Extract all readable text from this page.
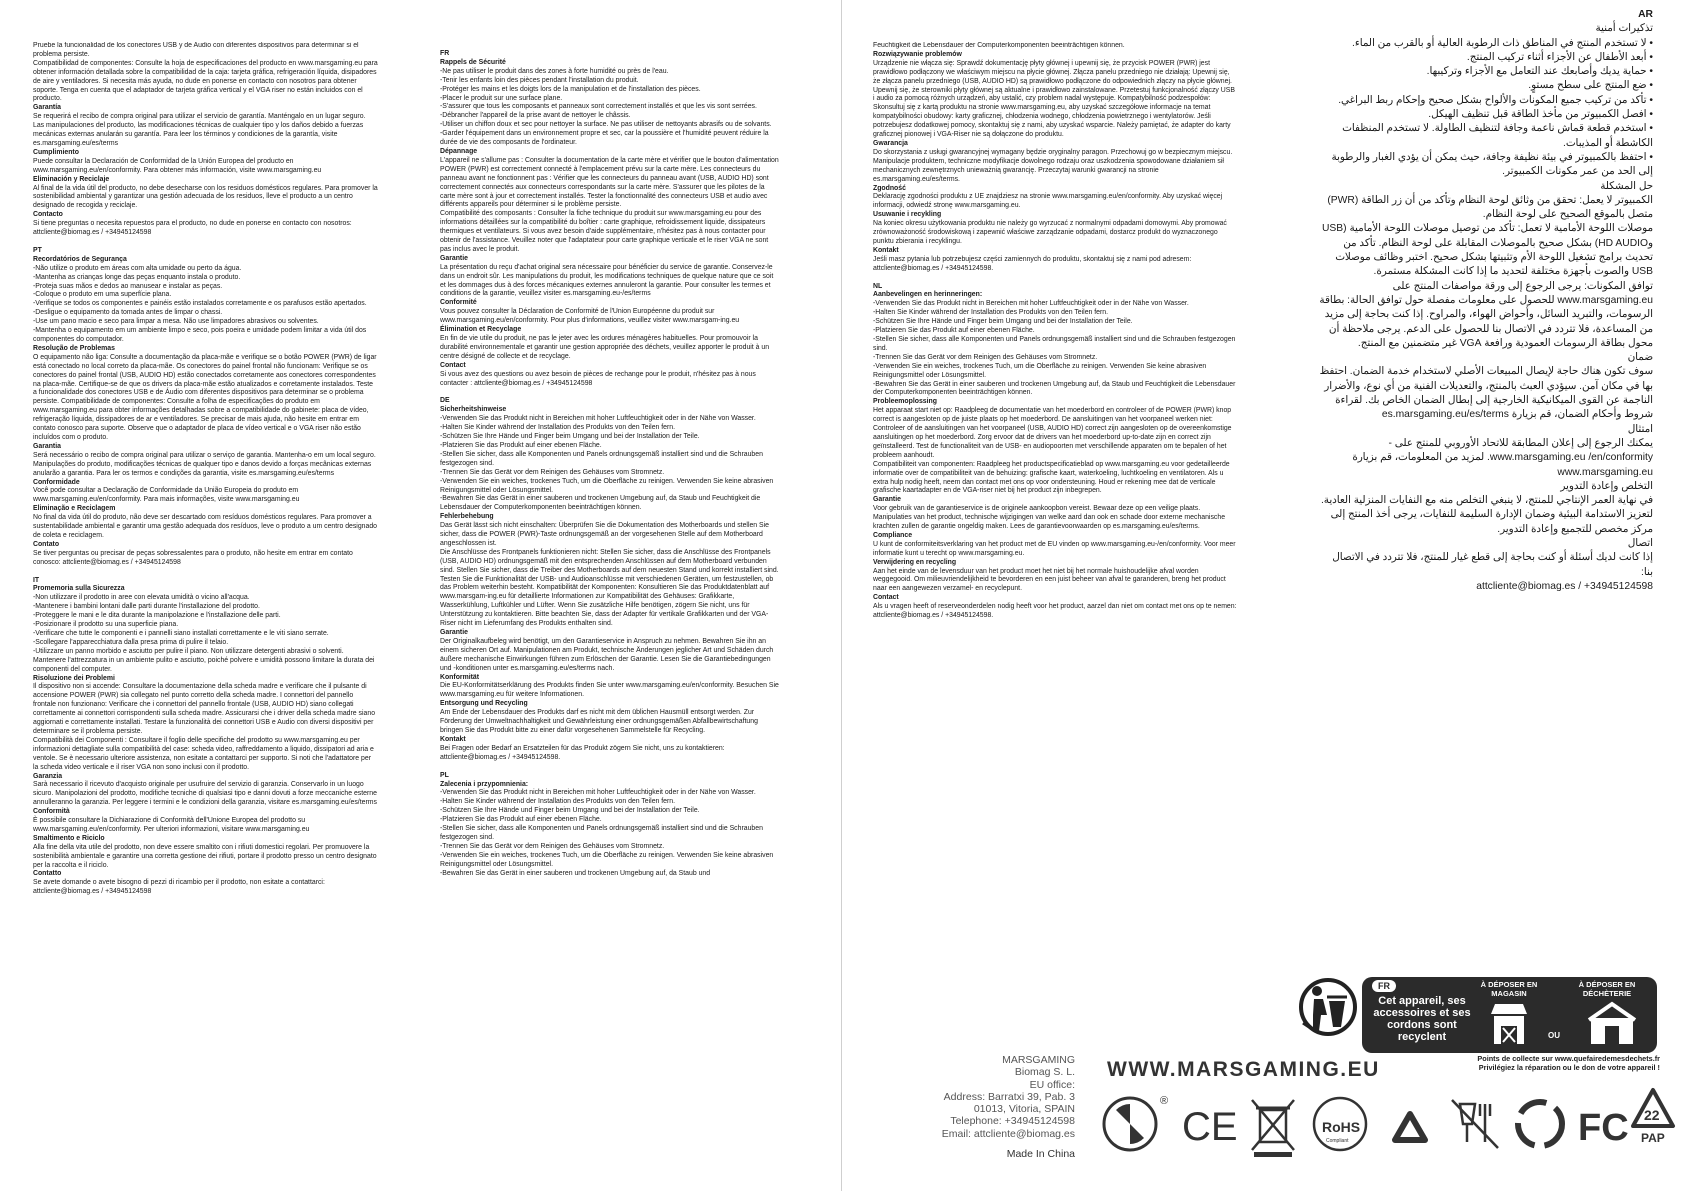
Pruebe la funcionalidad de los conectores USB y de Audio con diferentes dispositivos para determinar si el problema persiste.

Compatibilidad de componentes: Consulte la hoja de especificaciones del producto en www.marsgaming.eu para obtener información detallada sobre la compatibilidad de la caja: tarjeta gráfica, refrigeración líquida, disipadores de aire y ventiladores. Si necesita más ayuda, no dude en ponerse en contacto con nosotros para obtener soporte. Tenga en cuenta que el adaptador de tarjeta gráfica vertical y el VGA riser no están incluidos con el producto.

Garantía

Se requerirá el recibo de compra original para utilizar el servicio de garantía. Manténgalo en un lugar seguro. Las manipulaciones del producto, las modificaciones técnicas de cualquier tipo y los daños debido a fuerzas mecánicas externas anularán su garantía. Para leer los términos y condiciones de la garantía, visite es.marsgaming.eu/es/terms

Cumplimiento

Puede consultar la Declaración de Conformidad de la Unión Europea del producto en www.marsgaming.eu/en/conformity. Para obtener más información, visite www.marsgaming.eu

Eliminación y Reciclaje

Al final de la vida útil del producto, no debe desecharse con los residuos domésticos regulares. Para promover la sostenibilidad ambiental y garantizar una gestión adecuada de los residuos, lleve el producto a un centro designado de recogida y reciclaje.

Contacto

Si tiene preguntas o necesita repuestos para el producto, no dude en ponerse en contacto con nosotros: attcliente@biomag.es / +34945124598

PT

Recordatórios de Segurança

-Não utilize o produto em áreas com alta umidade ou perto da água.

-Mantenha as crianças longe das peças enquanto instala o produto.

-Proteja suas mãos e dedos ao manusear e instalar as peças.

-Coloque o produto em uma superfície plana.

-Verifique se todos os componentes e painéis estão instalados corretamente e os parafusos estão apertados.

-Desligue o equipamento da tomada antes de limpar o chassi.

-Use um pano macio e seco para limpar a mesa. Não use limpadores abrasivos ou solventes.

-Mantenha o equipamento em um ambiente limpo e seco, pois poeira e umidade podem limitar a vida útil dos componentes do computador.

Resolução de Problemas

O equipamento não liga: Consulte a documentação da placa-mãe e verifique se o botão POWER (PWR) de ligar está conectado no local correto da placa-mãe. Os conectores do painel frontal não funcionam: Verifique se os conectores do painel frontal (USB, AUDIO HD) estão conectados corretamente aos conectores correspondentes na placa-mãe. Certifique-se de que os drivers da placa-mãe estão atualizados e corretamente instalados. Teste a funcionalidade dos conectores USB e de Áudio com diferentes dispositivos para determinar se o problema persiste. Compatibilidade de componentes: Consulte a folha de especificações do produto em www.marsgaming.eu para obter informações detalhadas sobre a compatibilidade do gabinete: placa de vídeo, refrigeração líquida, dissipadores de ar e ventiladores. Se precisar de mais ajuda, não hesite em entrar em contato conosco para suporte. Observe que o adaptador de placa de vídeo vertical e o VGA riser não estão incluídos com o produto.

Garantia

Será necessário o recibo de compra original para utilizar o serviço de garantia. Mantenha-o em um local seguro. Manipulações do produto, modificações técnicas de qualquer tipo e danos devido a forças mecânicas externas anularão a garantia. Para ler os termos e condições da garantia, visite es.marsgaming.eu/es/terms

Conformidade

Você pode consultar a Declaração de Conformidade da União Europeia do produto em www.marsgaming.eu/en/conformity. Para mais informações, visite www.marsgaming.eu

Eliminação e Reciclagem

No final da vida útil do produto, não deve ser descartado com resíduos domésticos regulares. Para promover a sustentabilidade ambiental e garantir uma gestão adequada dos resíduos, leve o produto a um centro designado de coleta e reciclagem.

Contato

Se tiver perguntas ou precisar de peças sobressalentes para o produto, não hesite em entrar em contato conosco: attcliente@biomag.es / +34945124598

IT

Promemoria sulla Sicurezza

-Non utilizzare il prodotto in aree con elevata umidità o vicino all'acqua.

-Mantenere i bambini lontani dalle parti durante l'installazione del prodotto.

-Proteggere le mani e le dita durante la manipolazione e l'installazione delle parti.

-Posizionare il prodotto su una superficie piana.

-Verificare che tutte le componenti e i pannelli siano installati correttamente e le viti siano serrate.

-Scollegare l'apparecchiatura dalla presa prima di pulire il telaio.

-Utilizzare un panno morbido e asciutto per pulire il piano. Non utilizzare detergenti abrasivi o solventi.

Mantenere l'attrezzatura in un ambiente pulito e asciutto, poiché polvere e umidità possono limitare la durata dei componenti del computer.

Risoluzione dei Problemi

Il dispositivo non si accende: Consultare la documentazione della scheda madre e verificare che il pulsante di accensione POWER (PWR) sia collegato nel punto corretto della scheda madre. I connettori del pannello frontale non funzionano: Verificare che i connettori del pannello frontale (USB, AUDIO HD) siano collegati correttamente ai connettori corrispondenti sulla scheda madre. Assicurarsi che i driver della scheda madre siano aggiornati e correttamente installati. Testare la funzionalità dei connettori USB e Audio con diversi dispositivi per determinare se il problema persiste.

Compatibilità dei Componenti : Consultare il foglio delle specifiche del prodotto su www.marsgaming.eu per informazioni dettagliate sulla compatibilità del case: scheda video, raffreddamento a liquido, dissipatori ad aria e ventole. Se è necessario ulteriore assistenza, non esitate a contattarci per supporto. Si noti che l'adattatore per la scheda video verticale e il riser VGA non sono inclusi con il prodotto.

Garanzia

Sarà necessario il ricevuto d'acquisto originale per usufruire del servizio di garanzia. Conservarlo in un luogo sicuro. Manipolazioni del prodotto, modifiche tecniche di qualsiasi tipo e danni dovuti a forze meccaniche esterne annulleranno la garanzia. Per leggere i termini e le condizioni della garanzia, visitare es.marsgaming.eu/es/terms

Conformità

È possibile consultare la Dichiarazione di Conformità dell'Unione Europea del prodotto su www.marsgaming.eu/en/conformity. Per ulteriori informazioni, visitare www.marsgaming.eu

Smaltimento e Riciclo

Alla fine della vita utile del prodotto, non deve essere smaltito con i rifiuti domestici regolari. Per promuovere la sostenibilità ambientale e garantire una corretta gestione dei rifiuti, portare il prodotto presso un centro designato per la raccolta e il riciclo.

Contatto

Se avete domande o avete bisogno di pezzi di ricambio per il prodotto, non esitate a contattarci: attcliente@biomag.es / +34945124598

FR

Rappels de Sécurité

-Ne pas utiliser le produit dans des zones à forte humidité ou près de l'eau.

-Tenir les enfants loin des pièces pendant l'installation du produit.

-Protéger les mains et les doigts lors de la manipulation et de l'installation des pièces.

-Placer le produit sur une surface plane.

-S'assurer que tous les composants et panneaux sont correctement installés et que les vis sont serrées.

-Débrancher l'appareil de la prise avant de nettoyer le châssis.

-Utiliser un chiffon doux et sec pour nettoyer la surface. Ne pas utiliser de nettoyants abrasifs ou de solvants.

-Garder l'équipement dans un environnement propre et sec, car la poussière et l'humidité peuvent réduire la durée de vie des composants de l'ordinateur.

Dépannage

L'appareil ne s'allume pas : Consulter la documentation de la carte mère et vérifier que le bouton d'alimentation POWER (PWR) est correctement connecté à l'emplacement prévu sur la carte mère. Les connecteurs du panneau avant ne fonctionnent pas : Vérifier que les connecteurs du panneau avant (USB, AUDIO HD) sont correctement connectés aux connecteurs correspondants sur la carte mère. S'assurer que les pilotes de la carte mère sont à jour et correctement installés. Tester la fonctionnalité des connecteurs USB et audio avec différents appareils pour déterminer si le problème persiste.

Compatibilité des composants : Consulter la fiche technique du produit sur www.marsgaming.eu pour des informations détaillées sur la compatibilité du boîtier : carte graphique, refroidissement liquide, dissipateurs thermiques et ventilateurs. Si vous avez besoin d'aide supplémentaire, n'hésitez pas à nous contacter pour obtenir de l'assistance. Veuillez noter que l'adaptateur pour carte graphique verticale et le riser VGA ne sont pas inclus avec le produit.

Garantie

La présentation du reçu d'achat original sera nécessaire pour bénéficier du service de garantie. Conservez-le dans un endroit sûr. Les manipulations du produit, les modifications techniques de quelque nature que ce soit et les dommages dus à des forces mécaniques externes annuleront la garantie. Pour consulter les termes et conditions de la garantie, veuillez visiter es.marsgaming.eu-/es/terms

Conformité

Vous pouvez consulter la Déclaration de Conformité de l'Union Européenne du produit sur www.marsgaming.eu/en/conformity. Pour plus d'informations, veuillez visiter www.marsgam-ing.eu

Élimination et Recyclage

En fin de vie utile du produit, ne pas le jeter avec les ordures ménagères habituelles. Pour promouvoir la durabilité environnementale et garantir une gestion appropriée des déchets, veuillez apporter le produit à un centre désigné de collecte et de recyclage.

Contact

Si vous avez des questions ou avez besoin de pièces de rechange pour le produit, n'hésitez pas à nous contacter : attcliente@biomag.es / +34945124598

DE

Sicherheitshinweise

-Verwenden Sie das Produkt nicht in Bereichen mit hoher Luftfeuchtigkeit oder in der Nähe von Wasser.

-Halten Sie Kinder während der Installation des Produkts von den Teilen fern.

-Schützen Sie Ihre Hände und Finger beim Umgang und bei der Installation der Teile.

-Platzieren Sie das Produkt auf einer ebenen Fläche.

-Stellen Sie sicher, dass alle Komponenten und Panels ordnungsgemäß installiert sind und die Schrauben festgezogen sind.

-Trennen Sie das Gerät vor dem Reinigen des Gehäuses vom Stromnetz.

-Verwenden Sie ein weiches, trockenes Tuch, um die Oberfläche zu reinigen. Verwenden Sie keine abrasiven Reinigungsmittel oder Lösungsmittel.

-Bewahren Sie das Gerät in einer sauberen und trockenen Umgebung auf, da Staub und Feuchtigkeit die Lebensdauer der Computerkomponenten beeinträchtigen können.

Fehlerbehebung

Das Gerät lässt sich nicht einschalten: Überprüfen Sie die Dokumentation des Motherboards und stellen Sie sicher, dass die POWER (PWR)-Taste ordnungsgemäß an der vorgesehenen Stelle auf dem Motherboard angeschlossen ist.

Die Anschlüsse des Frontpanels funktionieren nicht: Stellen Sie sicher, dass die Anschlüsse des Frontpanels (USB, AUDIO HD) ordnungsgemäß mit den entsprechenden Anschlüssen auf dem Motherboard verbunden sind. Stellen Sie sicher, dass die Treiber des Motherboards auf dem neuesten Stand und korrekt installiert sind. Testen Sie die Funktionalität der USB- und Audioanschlüsse mit verschiedenen Geräten, um festzustellen, ob das Problem weiterhin besteht. Kompatibilität der Komponenten: Konsultieren Sie das Produktdatenblatt auf www.marsgam-ing.eu für detaillierte Informationen zur Kompatibilität des Gehäuses: Grafikkarte, Wasserkühlung, Luftkühler und Lüfter. Wenn Sie zusätzliche Hilfe benötigen, zögern Sie nicht, uns für Unterstützung zu kontaktieren. Bitte beachten Sie, dass der Adapter für vertikale Grafikkarten und der VGA-Riser nicht im Lieferumfang des Produkts enthalten sind.

Garantie

Der Originalkaufbeleg wird benötigt, um den Garantieservice in Anspruch zu nehmen. Bewahren Sie ihn an einem sicheren Ort auf. Manipulationen am Produkt, technische Änderungen jeglicher Art und Schäden durch äußere mechanische Einwirkungen führen zum Erlöschen der Garantie. Lesen Sie die Garantiebedingungen und -konditionen unter es.marsgaming.eu/es/terms nach.

Konformität

Die EU-Konformitätserklärung des Produkts finden Sie unter www.marsgaming.eu/en/conformity. Besuchen Sie www.marsgaming.eu für weitere Informationen.

Entsorgung und Recycling

Am Ende der Lebensdauer des Produkts darf es nicht mit dem üblichen Hausmüll entsorgt werden. Zur Förderung der Umweltnachhaltigkeit und Gewährleistung einer ordnungsgemäßen Abfallbewirtschaftung bringen Sie das Produkt bitte zu einer dafür vorgesehenen Sammelstelle für Recycling.

Kontakt

Bei Fragen oder Bedarf an Ersatzteilen für das Produkt zögern Sie nicht, uns zu kontaktieren: attcliente@biomag.es / +34945124598.

PL

Zalecenia i przypomnienia:

-Verwenden Sie das Produkt nicht in Bereichen mit hoher Luftfeuchtigkeit oder in der Nähe von Wasser.

-Halten Sie Kinder während der Installation des Produkts von den Teilen fern.

-Schützen Sie Ihre Hände und Finger beim Umgang und bei der Installation der Teile.

-Platzieren Sie das Produkt auf einer ebenen Fläche.

-Stellen Sie sicher, dass alle Komponenten und Panels ordnungsgemäß installiert sind und die Schrauben festgezogen sind.

-Trennen Sie das Gerät vor dem Reinigen des Gehäuses vom Stromnetz.

-Verwenden Sie ein weiches, trockenes Tuch, um die Oberfläche zu reinigen. Verwenden Sie keine abrasiven Reinigungsmittel oder Lösungsmittel.

-Bewahren Sie das Gerät in einer sauberen und trockenen Umgebung auf, da Staub und

Feuchtigkeit die Lebensdauer der Computerkomponenten beeinträchtigen können.

Rozwiązywanie problemów

Urządzenie nie włącza się: Sprawdź dokumentację płyty głównej i upewnij się, że przycisk POWER (PWR) jest prawidłowo podłączony we właściwym miejscu na płycie głównej. Złącza panelu przedniego nie działają: Upewnij się, że złącza panelu przedniego (USB, AUDIO HD) są prawidłowo podłączone do odpowiednich złączy na płycie głównej. Upewnij się, że sterowniki płyty głównej są aktualne i prawidłowo zainstalowane. Przetestuj funkcjonalność złączy USB i audio za pomocą różnych urządzeń, aby ustalić, czy problem nadal występuje. Kompatybilność podzespołów: Skonsultuj się z kartą produktu na stronie www.marsgaming.eu, aby uzyskać szczegółowe informacje na temat kompatybilności obudowy: karty graficznej, chłodzenia wodnego, chłodzenia powietrznego i wentylatorów. Jeśli potrzebujesz dodatkowej pomocy, skontaktuj się z nami, aby uzyskać wsparcie. Należy pamiętać, że adapter do karty graficznej pionowej i VGA-Riser nie są dołączone do produktu.

Gwarancja

Do skorzystania z usługi gwarancyjnej wymagany będzie oryginalny paragon. Przechowuj go w bezpiecznym miejscu. Manipulacje produktem, techniczne modyfikacje dowolnego rodzaju oraz uszkodzenia spowodowane działaniem sił mechanicznych zewnętrznych unieważnią gwarancję. Przeczytaj warunki gwarancji na stronie es.marsgaming.eu/es/terms.

Zgodność

Deklarację zgodności produktu z UE znajdziesz na stronie www.marsgaming.eu/en/conformity. Aby uzyskać więcej informacji, odwiedź stronę www.marsgaming.eu.

Usuwanie i recykling

Na koniec okresu użytkowania produktu nie należy go wyrzucać z normalnymi odpadami domowymi. Aby promować zrównoważoność środowiskową i zapewnić właściwe zarządzanie odpadami, dostarcz produkt do wyznaczonego punktu zbierania i recyklingu.

Kontakt

Jeśli masz pytania lub potrzebujesz części zamiennych do produktu, skontaktuj się z nami pod adresem: attcliente@biomag.es / +34945124598.

NL

Aanbevelingen en herinneringen:

-Verwenden Sie das Produkt nicht in Bereichen mit hoher Luftfeuchtigkeit oder in der Nähe von Wasser.

-Halten Sie Kinder während der Installation des Produkts von den Teilen fern.

-Schützen Sie Ihre Hände und Finger beim Umgang und bei der Installation der Teile.

-Platzieren Sie das Produkt auf einer ebenen Fläche.

-Stellen Sie sicher, dass alle Komponenten und Panels ordnungsgemäß installiert sind und die Schrauben festgezogen sind.

-Trennen Sie das Gerät vor dem Reinigen des Gehäuses vom Stromnetz.

-Verwenden Sie ein weiches, trockenes Tuch, um die Oberfläche zu reinigen. Verwenden Sie keine abrasiven Reinigungsmittel oder Lösungsmittel.

-Bewahren Sie das Gerät in einer sauberen und trockenen Umgebung auf, da Staub und Feuchtigkeit die Lebensdauer der Computerkomponenten beeinträchtigen können.

Probleemoplossing

Het apparaat start niet op: Raadpleeg de documentatie van het moederbord en controleer of de POWER (PWR) knop correct is aangesloten op de juiste plaats op het moederbord. De aansluitingen van het voorpaneel werken niet: Controleer of de aansluitingen van het voorpaneel (USB, AUDIO HD) correct zijn aangesloten op de overeenkomstige aansluitingen op het moederbord. Zorg ervoor dat de drivers van het moederbord up-to-date zijn en correct zijn geïnstalleerd. Test de functionaliteit van de USB- en audiopoorten met verschillende apparaten om te bepalen of het probleem aanhoudt.

Compatibiliteit van componenten: Raadpleeg het productspecificatieblad op www.marsgaming.eu voor gedetailleerde informatie over de compatibiliteit van de behuizing: grafische kaart, waterkoeling, luchtkoeling en ventilatoren. Als u extra hulp nodig heeft, neem dan contact met ons op voor ondersteuning. Houd er rekening mee dat de verticale grafische kaartadapter en de VGA-riser niet bij het product zijn inbegrepen.

Garantie

Voor gebruik van de garantieservice is de originele aankoopbon vereist. Bewaar deze op een veilige plaats. Manipulaties van het product, technische wijzigingen van welke aard dan ook en schade door externe mechanische krachten zullen de garantie ongeldig maken. Lees de garantievoorwaarden op es.marsgaming.eu/es/terms.

Compliance

U kunt de conformiteitsverklaring van het product met de EU vinden op www.marsgaming.eu-/en/conformity. Voor meer informatie kunt u terecht op www.marsgaming.eu.

Verwijdering en recycling

Aan het einde van de levensduur van het product moet het niet bij het normale huishoudelijke afval worden weggegooid. Om milieuvriendelijkheid te bevorderen en een juist beheer van afval te garanderen, breng het product naar een aangewezen verzamel- en recyclepunt.

Contact

Als u vragen heeft of reserveonderdelen nodig heeft voor het product, aarzel dan niet om contact met ons op te nemen: attcliente@biomag.es / +34945124598.

AR

تذكيرات أمنية

• لا تستخدم المنتج في المناطق ذات الرطوبة العالية أو بالقرب من الماء.

• أبعد الأطفال عن الأجزاء أثناء تركيب المنتج.

• حماية يديك وأصابعك عند التعامل مع الأجزاء وتركيبها.

• ضع المنتج على سطح مستوٍ.

• تأكد من تركيب جميع المكونات والألواح بشكل صحيح وإحكام ربط البراغي.

• افصل الكمبيوتر من مأخذ الطاقة قبل تنظيف الهيكل.

• استخدم قطعة قماش ناعمة وجافة لتنظيف الطاولة. لا تستخدم المنظفات الكاشطة أو المذيبات.

• احتفظ بالكمبيوتر في بيئة نظيفة وجافة، حيث يمكن أن يؤدي الغبار والرطوبة إلى الحد من عمر مكونات الكمبيوتر.

حل المشكلة

الكمبيوتر لا يعمل: تحقق من وثائق لوحة النظام وتأكد من أن زر الطاقة (PWR) متصل بالموقع الصحيح على لوحة النظام.

موصلات اللوحة الأمامية لا تعمل: تأكد من توصيل موصلات اللوحة الأمامية (USB وHD AUDIO) بشكل صحيح بالموصلات المقابلة على لوحة النظام. تأكد من تحديث برامج تشغيل اللوحة الأم وتثبيتها بشكل صحيح. اختبر وظائف موصلات USB والصوت بأجهزة مختلفة لتحديد ما إذا كانت المشكلة مستمرة.

توافق المكونات: يرجى الرجوع إلى ورقة مواصفات المنتج على www.marsgaming.eu للحصول على معلومات مفصلة حول توافق الحالة: بطاقة الرسومات، والتبريد السائل، وأحواض الهواء، والمراوح. إذا كنت بحاجة إلى مزيد من المساعدة، فلا تتردد في الاتصال بنا للحصول على الدعم. يرجى ملاحظة أن محول بطاقة الرسومات العمودية ورافعة VGA غير متضمنين مع المنتج.

ضمان

سوف تكون هناك حاجة لإيصال المبيعات الأصلي لاستخدام خدمة الضمان. احتفظ بها في مكان آمن. سيؤدي العبث بالمنتج، والتعديلات الفنية من أي نوع، والأضرار الناجمة عن القوى الميكانيكية الخارجية إلى إبطال الضمان الخاص بك. لقراءة شروط وأحكام الضمان، قم بزيارة es.marsgaming.eu/es/terms

امتثال

يمكنك الرجوع إلى إعلان المطابقة للاتحاد الأوروبي للمنتج على -www.marsgaming.eu /en/conformity. لمزيد من المعلومات، قم بزيارة www.marsgaming.eu

التخلص وإعادة التدوير

في نهاية العمر الإنتاجي للمنتج، لا ينبغي التخلص منه مع النفايات المنزلية العادية. لتعزيز الاستدامة البيئية وضمان الإدارة السليمة للنفايات، يرجى أخذ المنتج إلى مركز مخصص للتجميع وإعادة التدوير.

اتصال

إذا كانت لديك أسئلة أو كنت بحاجة إلى قطع غيار للمنتج، فلا تتردد في الاتصال بنا:

attcliente@biomag.es / +34945124598

MARSGAMING
Biomag S. L.
EU office:
Address: Barratxi 39, Pab. 3
01013, Vitoria, SPAIN
Telephone: +34945124598
Email: attcliente@biomag.es
Made In China
WWW.MARSGAMING.EU
FR
Cet appareil, ses accessoires et ses cordons sont recyclent
À DÉPOSER EN MAGASIN
À DÉPOSER EN DÉCHÈTERIE
OU
Points de collecte sur www.quefairedemesdechets.fr
Privilégiez la réparation ou le don de votre appareil !
®
CE	RoHS
Compliant	FC 22
PAP
